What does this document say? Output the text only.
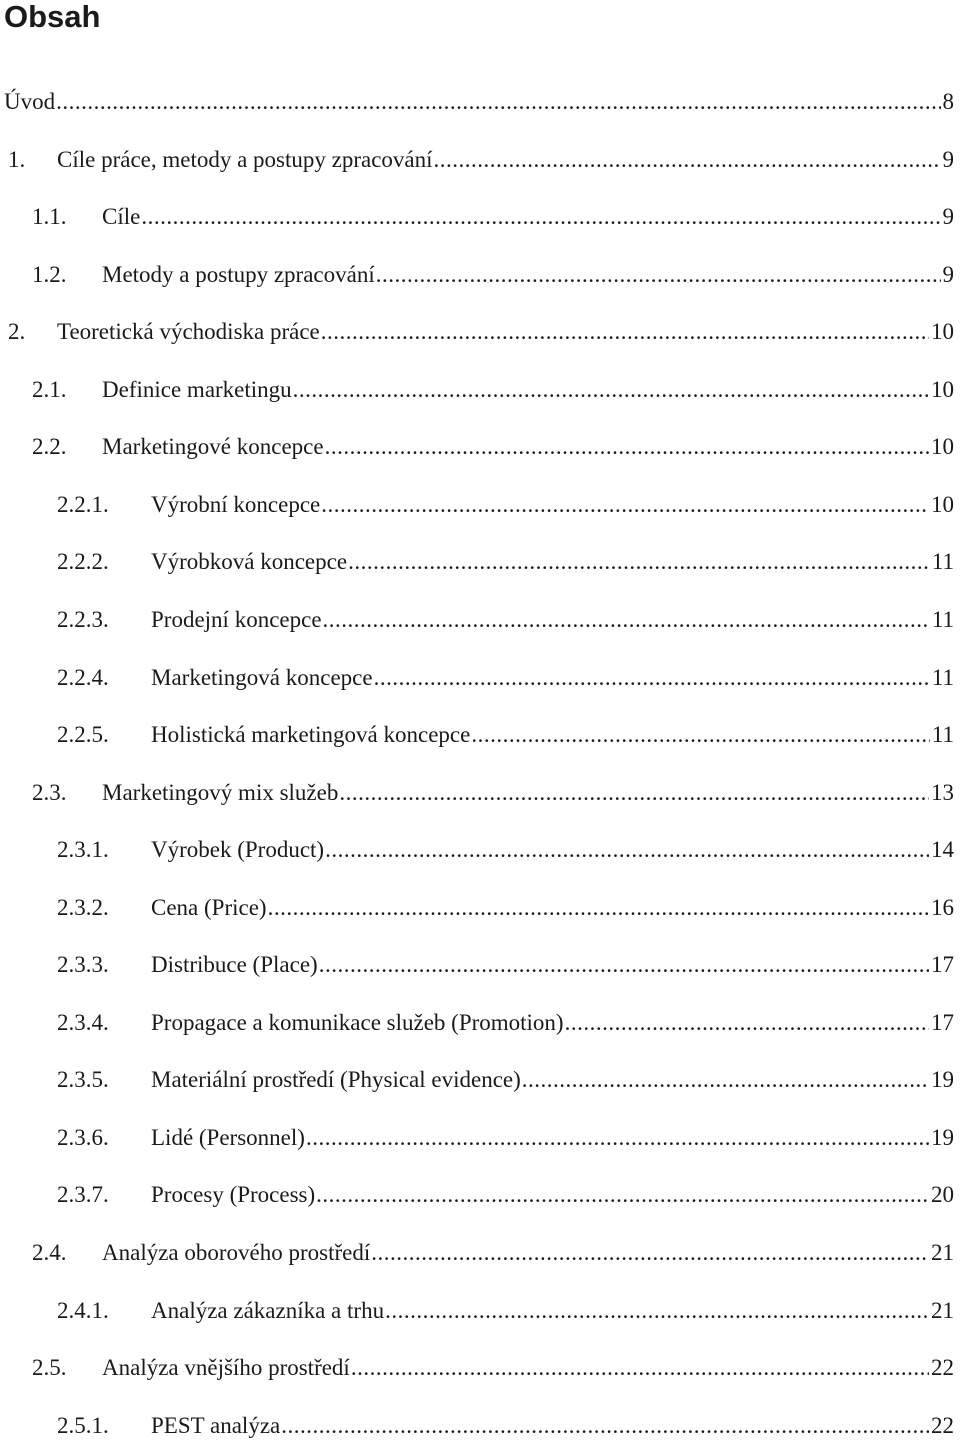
Obsah
Úvod .....	8
1. Cíle práce, metody a postupy zpracování .....	9
1.1. Cíle .....	9
1.2. Metody a postupy zpracování .....	9
2. Teoretická východiska práce .....	10
2.1. Definice marketingu .....	10
2.2. Marketingové koncepce .....	10
2.2.1. Výrobní koncepce .....	10
2.2.2. Výrobková koncepce .....	11
2.2.3. Prodejní koncepce .....	11
2.2.4. Marketingová koncepce .....	11
2.2.5. Holistická marketingová koncepce .....	11
2.3. Marketingový mix služeb .....	13
2.3.1. Výrobek (Product) .....	14
2.3.2. Cena (Price) .....	16
2.3.3. Distribuce (Place) .....	17
2.3.4. Propagace a komunikace služeb (Promotion) .....	17
2.3.5. Materiální prostředí (Physical evidence) .....	19
2.3.6. Lidé (Personnel) .....	19
2.3.7. Procesy (Process) .....	20
2.4. Analýza oborového prostředí .....	21
2.4.1. Analýza zákazníka a trhu .....	21
2.5. Analýza vnějšího prostředí .....	22
2.5.1. PEST analýza .....	22
